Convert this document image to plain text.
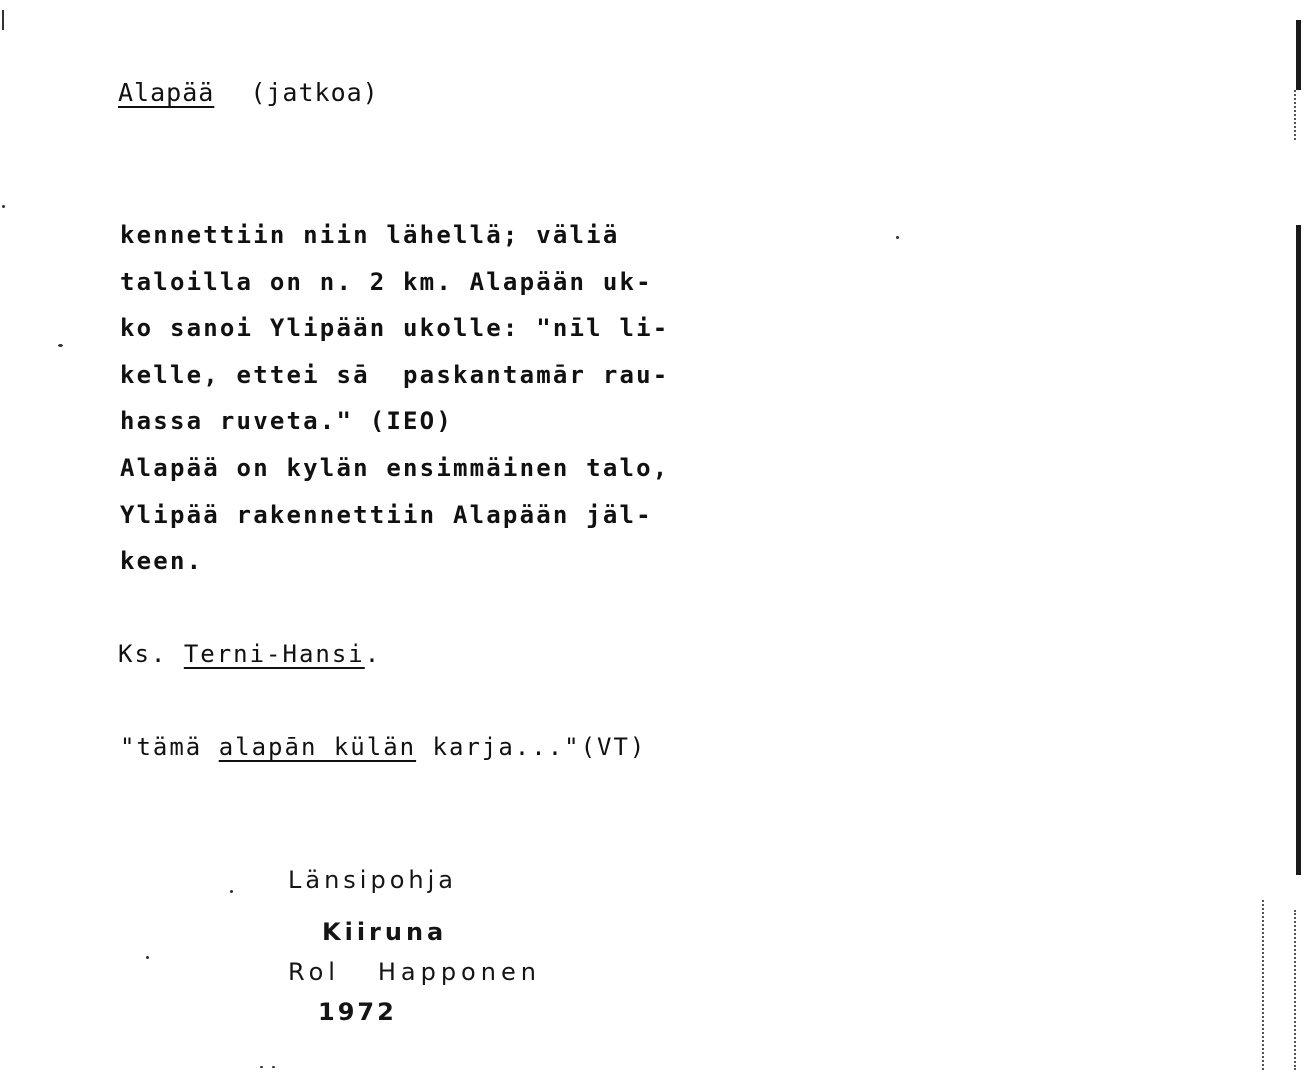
Alapää (jatkoa)
kennettiin niin lähellä; väliä
taloilla on n. 2 km. Alapään uk-
ko sanoi Ylipään ukolle: "nīl li-
kelle, ettei sā  paskantamār rau-
hassa ruveta." (IEO)
Alapää on kylän ensimmäinen talo,
Ylipää rakennettiin Alapään jäl-
keen.
Ks. Terni-Hansi.
"tämä alapān külän karja..."(VT)
Länsipohja
Kiiruna
Rol   Happonen
1972
